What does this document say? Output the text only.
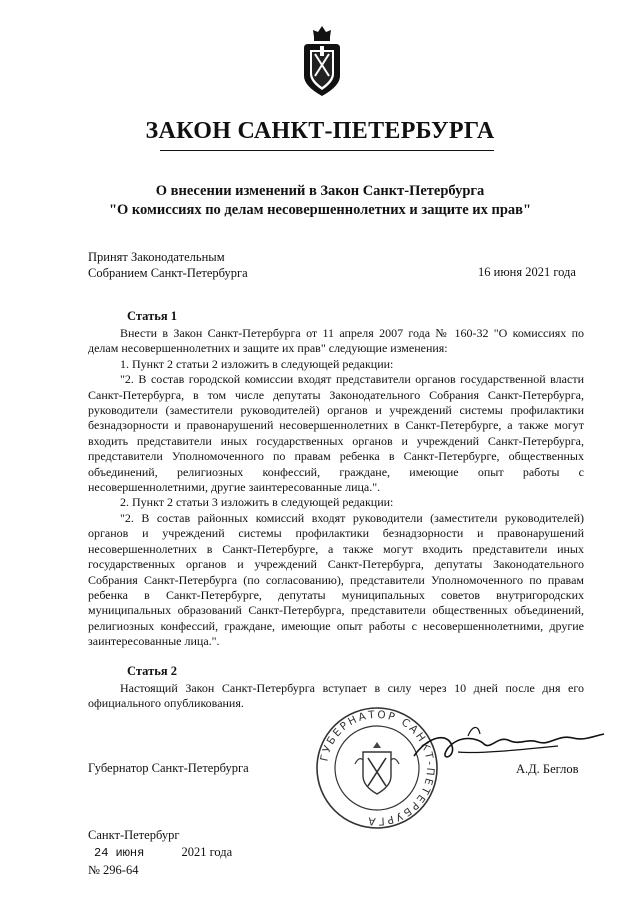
ЗАКОН САНКТ-ПЕТЕРБУРГА
О внесении изменений в Закон Санкт-Петербурга
"О комиссиях по делам несовершеннолетних и защите их прав"
Принят Законодательным
Собранием Санкт-Петербурга	16 июня 2021 года
Статья 1

Внести в Закон Санкт-Петербурга от 11 апреля 2007 года № 160-32 "О комиссиях по делам несовершеннолетних и защите их прав" следующие изменения:

1. Пункт 2 статьи 2 изложить в следующей редакции:

"2. В состав городской комиссии входят представители органов государственной власти Санкт-Петербурга, в том числе депутаты Законодательного Собрания Санкт-Петербурга, руководители (заместители руководителей) органов и учреждений системы профилактики безнадзорности и правонарушений несовершеннолетних в Санкт-Петербурге, а также могут входить представители иных государственных органов и учреждений Санкт-Петербурга, представители Уполномоченного по правам ребенка в Санкт-Петербурге, общественных объединений, религиозных конфессий, граждане, имеющие опыт работы с несовершеннолетними, другие заинтересованные лица.".

2. Пункт 2 статьи 3 изложить в следующей редакции:

"2. В состав районных комиссий входят руководители (заместители руководителей) органов и учреждений системы профилактики безнадзорности и правонарушений несовершеннолетних в Санкт-Петербурге, а также могут входить представители иных государственных органов и учреждений Санкт-Петербурга, депутаты Законодательного Собрания Санкт-Петербурга (по согласованию), представители Уполномоченного по правам ребенка в Санкт-Петербурге, депутаты муниципальных советов внутригородских муниципальных образований Санкт-Петербурга, представители общественных объединений, религиозных конфессий, граждане, имеющие опыт работы с несовершеннолетними, другие заинтересованные лица.".

Статья 2

Настоящий Закон Санкт-Петербурга вступает в силу через 10 дней после дня его официального опубликования.

ГУБЕРНАТОР САНКТ-ПЕТЕРБУРГА
Губернатор Санкт-Петербурга	А.Д. Беглов
Санкт-Петербург
24 июня	2021 года
№ 296-64
